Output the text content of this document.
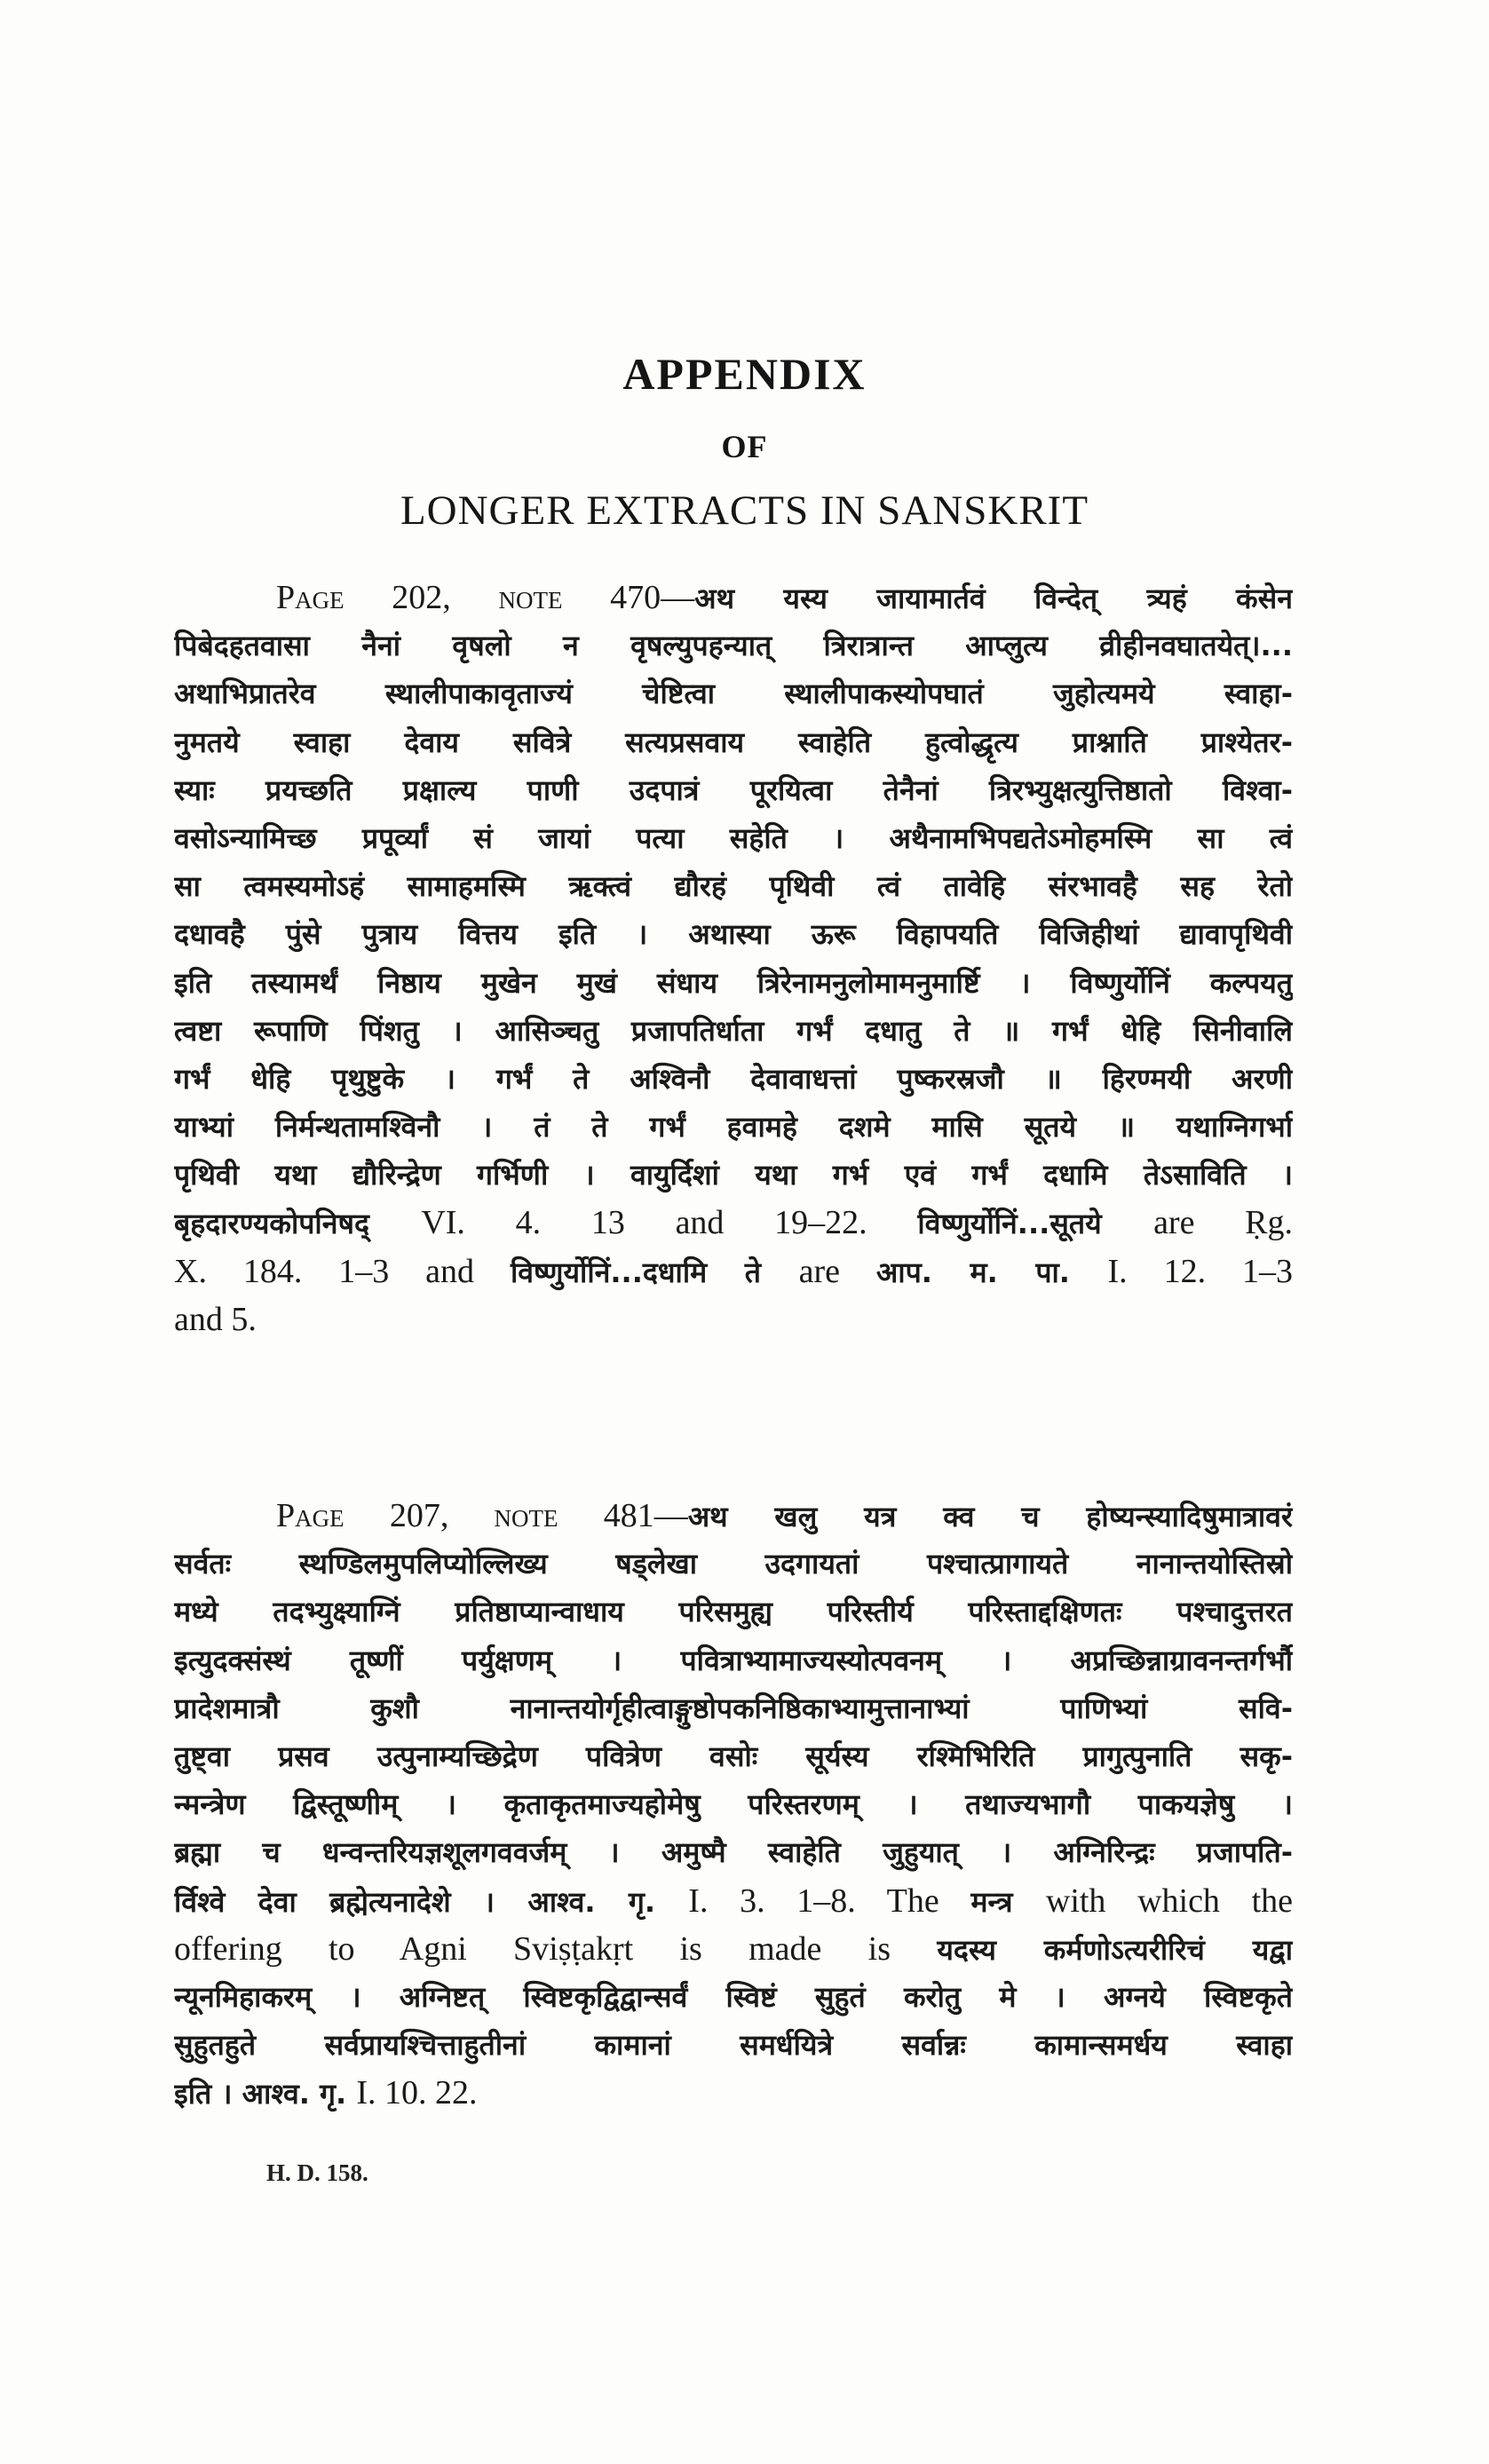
APPENDIX
OF
LONGER EXTRACTS IN SANSKRIT
Page 202, note 470—अथ यस्य जायामार्तवं विन्देत् त्र्यहं कंसेन
पिबेदहतवासा नैनां वृषलो न वृषल्युपहन्यात् त्रिरात्रान्त आप्लुत्य व्रीहीनवघातयेत्।...
अथाभिप्रातरेव स्थालीपाकावृताज्यं चेष्टित्वा स्थालीपाकस्योपघातं जुहोत्यमये स्वाहा-
नुमतये स्वाहा देवाय सवित्रे सत्यप्रसवाय स्वाहेति हुत्वोद्धृत्य प्राश्नाति प्राश्येतर-
स्याः प्रयच्छति प्रक्षाल्य पाणी उदपात्रं पूरयित्वा तेनैनां त्रिरभ्युक्षत्युत्तिष्ठातो विश्वा-
वसोऽन्यामिच्छ प्रपूर्व्यां सं जायां पत्या सहेति । अथैनामभिपद्यतेऽमोहमस्मि सा त्वं
सा त्वमस्यमोऽहं सामाहमस्मि ऋक्त्वं द्यौरहं पृथिवी त्वं तावेहि संरभावहै सह रेतो
दधावहै पुंसे पुत्राय वित्तय इति । अथास्या ऊरू विहापयति विजिहीथां द्यावापृथिवी
इति तस्यामर्थं निष्ठाय मुखेन मुखं संधाय त्रिरेनामनुलोमामनुमार्ष्टि । विष्णुर्योनिं कल्पयतु
त्वष्टा रूपाणि पिंशतु । आसिञ्चतु प्रजापतिर्धाता गर्भं दधातु ते ॥ गर्भं धेहि सिनीवालि
गर्भं धेहि पृथुष्टुके । गर्भं ते अश्विनौ देवावाधत्तां पुष्करस्रजौ ॥ हिरण्मयी अरणी
याभ्यां निर्मन्थतामश्विनौ । तं ते गर्भं हवामहे दशमे मासि सूतये ॥ यथाग्निगर्भा
पृथिवी यथा द्यौरिन्द्रेण गर्भिणी । वायुर्दिशां यथा गर्भ एवं गर्भं दधामि तेऽसाविति ।
बृहदारण्यकोपनिषद् VI. 4. 13 and 19–22. विष्णुर्योनिं...सूतये are Ṛg.
X. 184. 1–3 and विष्णुर्योनिं...दधामि ते are आप. म. पा. I. 12. 1–3
and 5.
Page 207, note 481—अथ खलु यत्र क्व च होष्यन्स्यादिषुमात्रावरं
सर्वतः स्थण्डिलमुपलिप्योल्लिख्य षड्लेखा उदगायतां पश्चात्प्रागायते नानान्तयोस्तिस्रो
मध्ये तदभ्युक्ष्याग्निं प्रतिष्ठाप्यान्वाधाय परिसमुह्य परिस्तीर्य परिस्ताद्दक्षिणतः पश्चादुत्तरत
इत्युदक्संस्थं तूष्णीं पर्युक्षणम् । पवित्राभ्यामाज्यस्योत्पवनम् । अप्रच्छिन्नाग्रावनन्तर्गर्भौ
प्रादेशमात्रौ कुशौ नानान्तयोर्गृहीत्वाङ्गुष्ठोपकनिष्ठिकाभ्यामुत्तानाभ्यां पाणिभ्यां सवि-
तुष्ट्वा प्रसव उत्पुनाम्यच्छिद्रेण पवित्रेण वसोः सूर्यस्य रश्मिभिरिति प्रागुत्पुनाति सकृ-
न्मन्त्रेण द्विस्तूष्णीम् । कृताकृतमाज्यहोमेषु परिस्तरणम् । तथाज्यभागौ पाकयज्ञेषु ।
ब्रह्मा च धन्वन्तरियज्ञशूलगववर्जम् । अमुष्मै स्वाहेति जुहुयात् । अग्निरिन्द्रः प्रजापति-
र्विश्वे देवा ब्रह्मेत्यनादेशे । आश्व. गृ. I. 3. 1–8. The मन्त्र with which the
offering to Agni Sviṣṭakṛt is made is यदस्य कर्मणोऽत्यरीरिचं यद्वा
न्यूनमिहाकरम् । अग्निष्टत् स्विष्टकृद्विद्वान्सर्वं स्विष्टं सुहुतं करोतु मे । अग्नये स्विष्टकृते
सुहुतहुते सर्वप्रायश्चित्ताहुतीनां कामानां समर्धयित्रे सर्वान्नः कामान्समर्धय स्वाहा
इति । आश्व. गृ. I. 10. 22.
H. D. 158.
